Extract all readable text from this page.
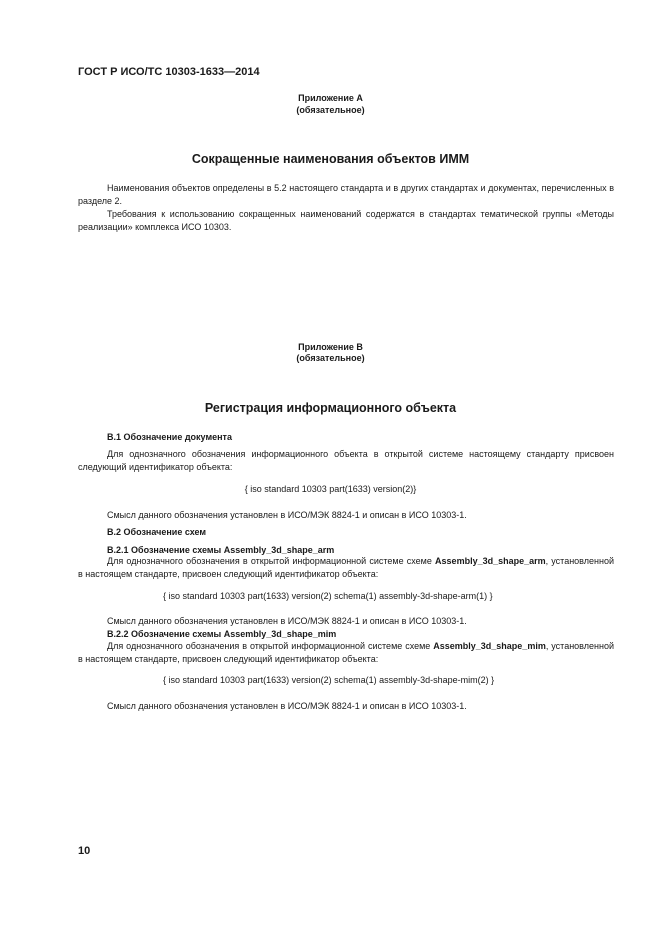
ГОСТ Р ИСО/ТС 10303-1633—2014
Приложение А
(обязательное)
Сокращенные наименования объектов ИММ
Наименования объектов определены в 5.2 настоящего стандарта и в других стандартах и документах, перечисленных в разделе 2.
Требования к использованию сокращенных наименований содержатся в стандартах тематической группы «Методы реализации» комплекса ИСО 10303.
Приложение В
(обязательное)
Регистрация информационного объекта
В.1 Обозначение документа
Для однозначного обозначения информационного объекта в открытой системе настоящему стандарту присвоен следующий идентификатор объекта:
{ iso standard 10303 part(1633) version(2)}
Смысл данного обозначения установлен в ИСО/МЭК 8824-1 и описан в ИСО 10303-1.
В.2 Обозначение схем
В.2.1 Обозначение схемы Assembly_3d_shape_arm
Для однозначного обозначения в открытой информационной системе схеме Assembly_3d_shape_arm, установленной в настоящем стандарте, присвоен следующий идентификатор объекта:
{ iso standard 10303 part(1633) version(2) schema(1) assembly-3d-shape-arm(1) }
Смысл данного обозначения установлен в ИСО/МЭК 8824-1 и описан в ИСО 10303-1.
В.2.2 Обозначение схемы Assembly_3d_shape_mim
Для однозначного обозначения в открытой информационной системе схеме Assembly_3d_shape_mim, установленной в настоящем стандарте, присвоен следующий идентификатор объекта:
{ iso standard 10303 part(1633) version(2) schema(1) assembly-3d-shape-mim(2) }
Смысл данного обозначения установлен в ИСО/МЭК 8824-1 и описан в ИСО 10303-1.
10
